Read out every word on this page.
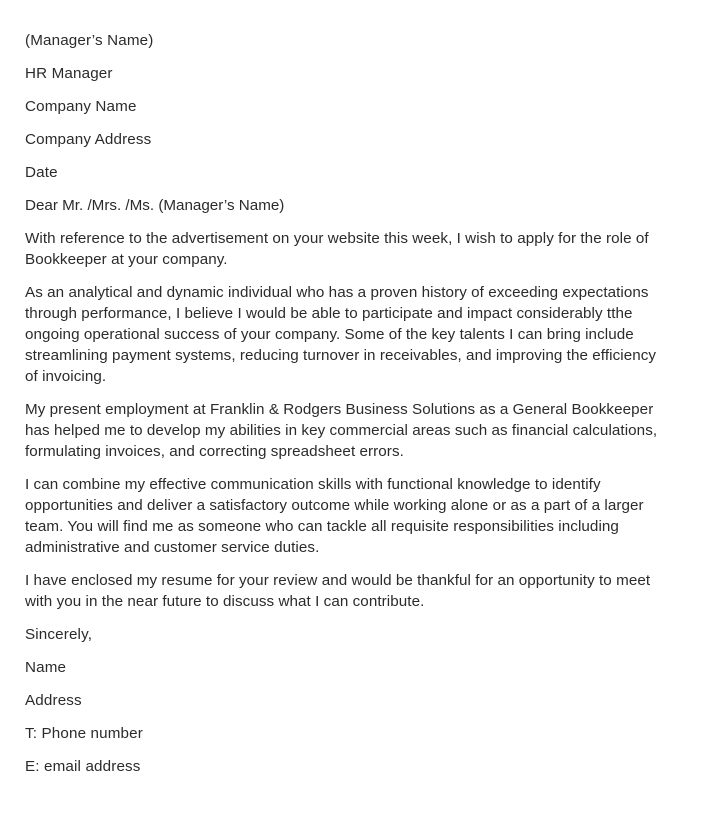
(Manager’s Name)

HR Manager

Company Name

Company Address

Date

Dear Mr. /Mrs. /Ms. (Manager’s Name)

With reference to the advertisement on your website this week, I wish to apply for the role of Bookkeeper at your company.

As an analytical and dynamic individual who has a proven history of exceeding expectations through performance, I believe I would be able to participate and impact considerably tthe ongoing operational success of your company. Some of the key talents I can bring include streamlining payment systems, reducing turnover in receivables, and improving the efficiency of invoicing.

My present employment at Franklin & Rodgers Business Solutions as a General Bookkeeper has helped me to develop my abilities in key commercial areas such as financial calculations, formulating invoices, and correcting spreadsheet errors.

I can combine my effective communication skills with functional knowledge to identify opportunities and deliver a satisfactory outcome while working alone or as a part of a larger team. You will find me as someone who can tackle all requisite responsibilities including administrative and customer service duties.

I have enclosed my resume for your review and would be thankful for an opportunity to meet with you in the near future to discuss what I can contribute.

Sincerely,

Name

Address

T: Phone number

E: email address
